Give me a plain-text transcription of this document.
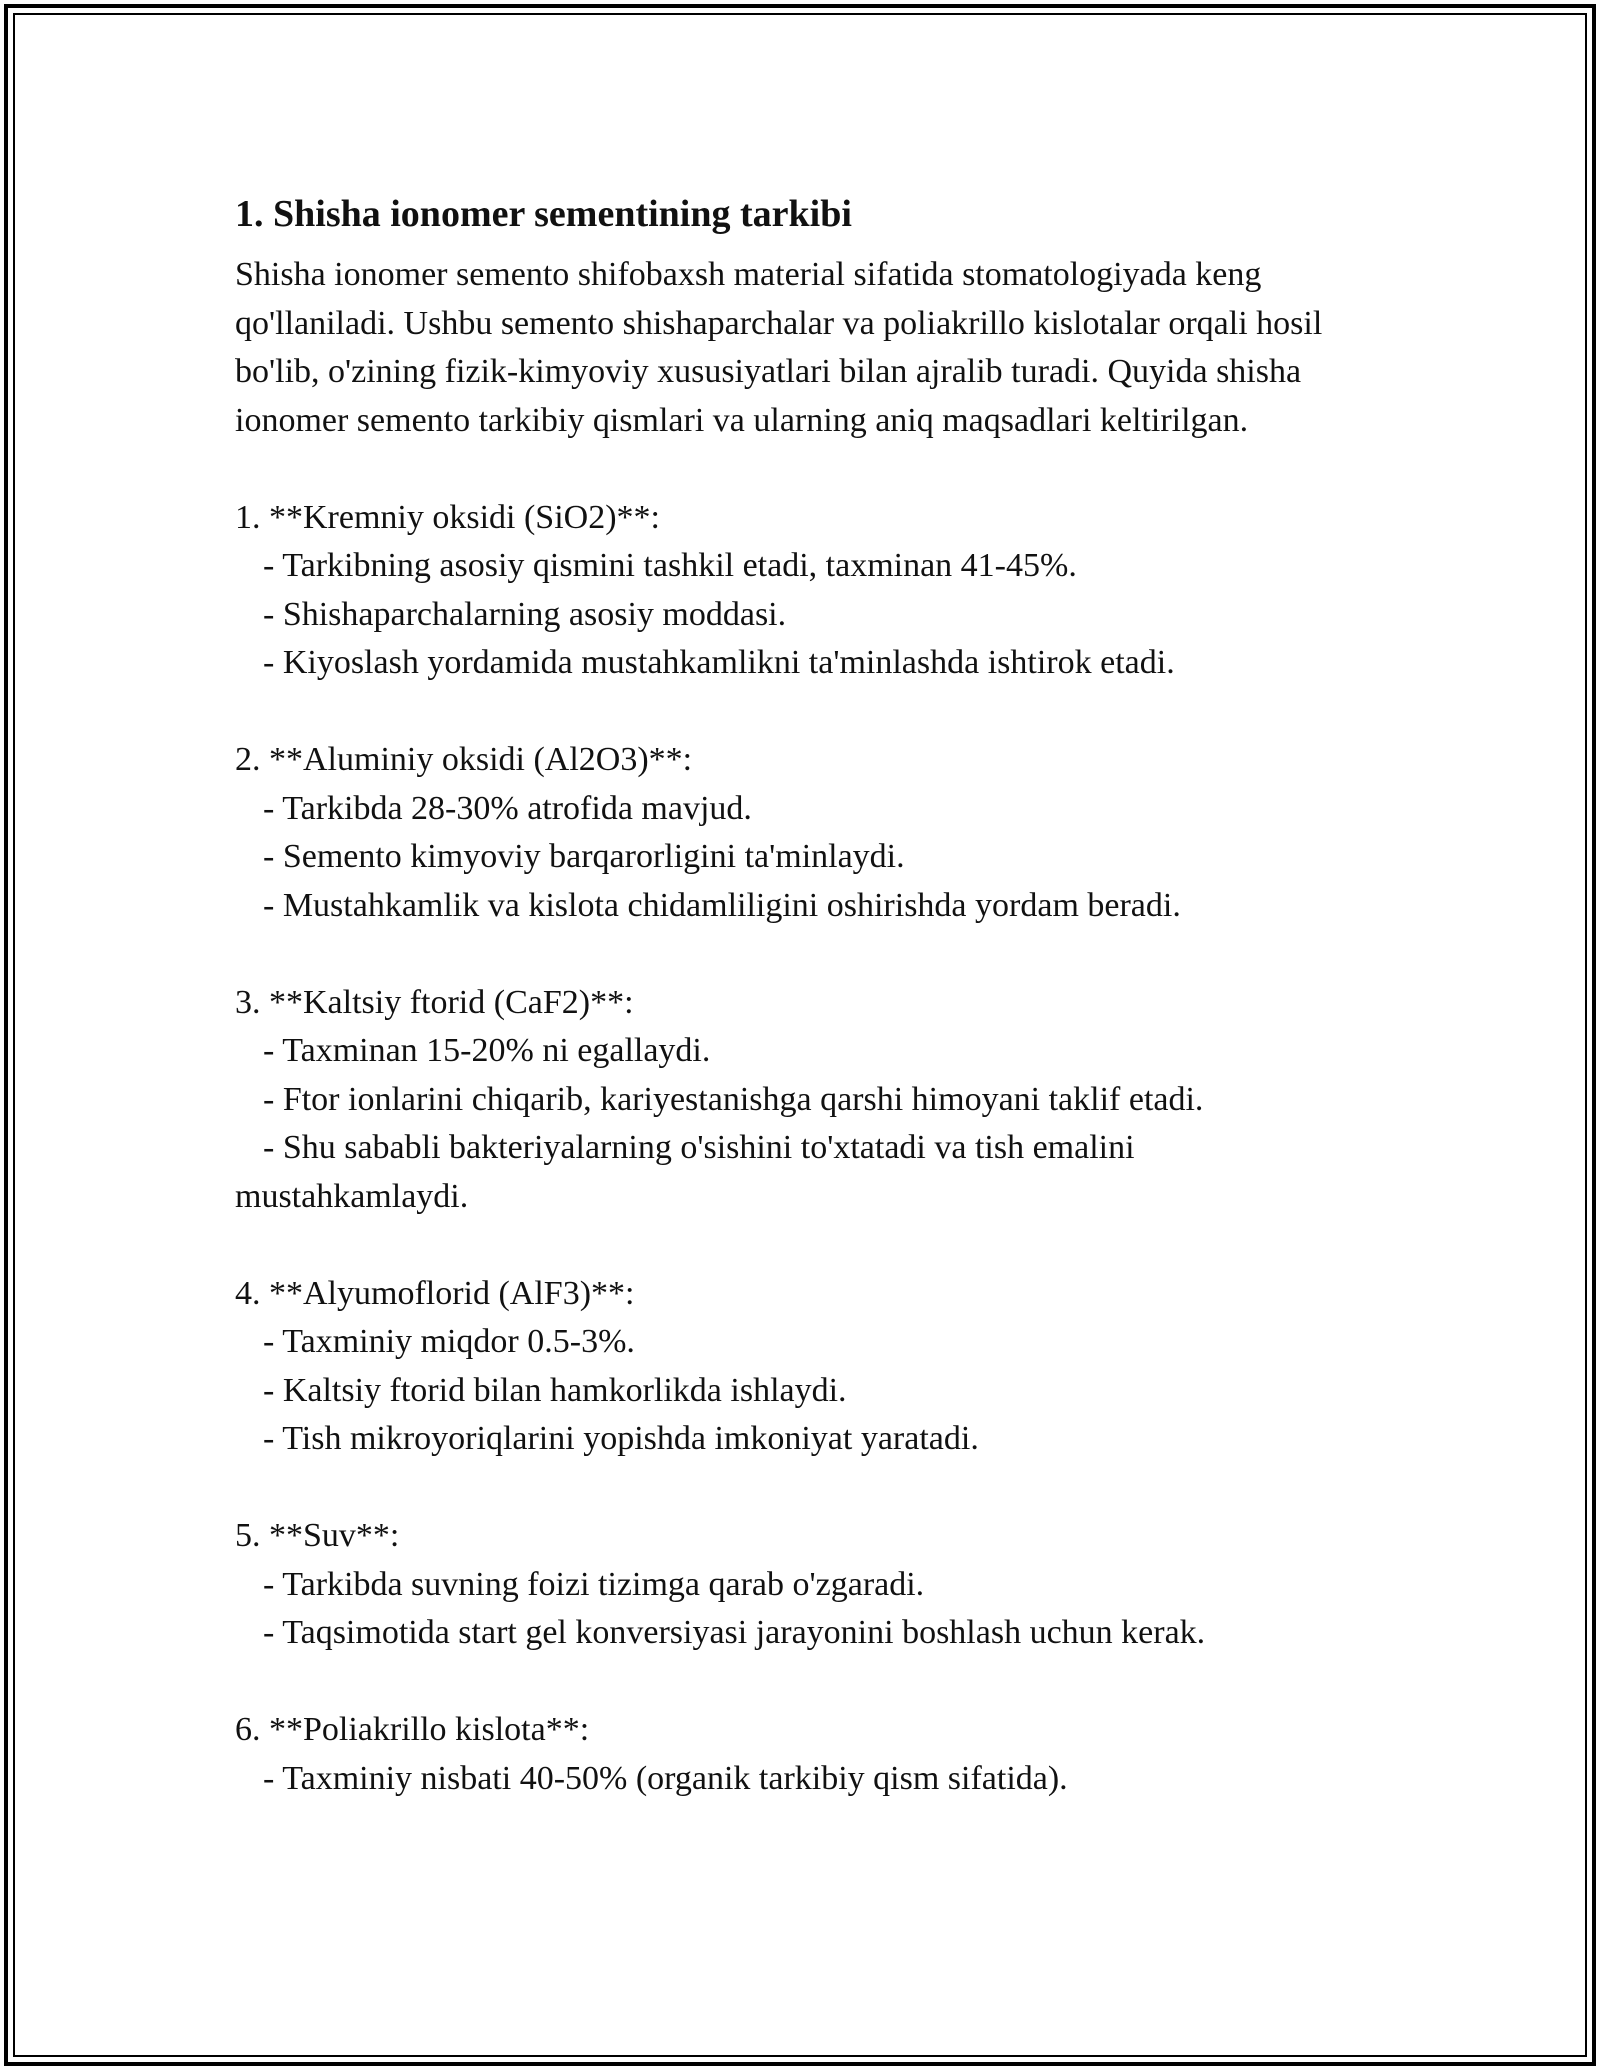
1. Shisha ionomer sementining tarkibi

Shisha ionomer semento shifobaxsh material sifatida stomatologiyada keng qo'llaniladi. Ushbu semento shishaparchalar va poliakrillo kislotalar orqali hosil bo'lib, o'zining fizik-kimyoviy xususiyatlari bilan ajralib turadi. Quyida shisha ionomer semento tarkibiy qismlari va ularning aniq maqsadlari keltirilgan.

1. **Kremniy oksidi (SiO2)**:
- Tarkibning asosiy qismini tashkil etadi, taxminan 41-45%.
- Shishaparchalarning asosiy moddasi.
- Kiyoslash yordamida mustahkamlikni ta'minlashda ishtirok etadi.
2. **Aluminiy oksidi (Al2O3)**:
- Tarkibda 28-30% atrofida mavjud.
- Semento kimyoviy barqarorligini ta'minlaydi.
- Mustahkamlik va kislota chidamliligini oshirishda yordam beradi.
3. **Kaltsiy ftorid (CaF2)**:
- Taxminan 15-20% ni egallaydi.
- Ftor ionlarini chiqarib, kariyestanishga qarshi himoyani taklif etadi.
- Shu sababli bakteriyalarning o'sishini to'xtatadi va tish emalini
mustahkamlaydi.
4. **Alyumoflorid (AlF3)**:
- Taxminiy miqdor 0.5-3%.
- Kaltsiy ftorid bilan hamkorlikda ishlaydi.
- Tish mikroyoriqlarini yopishda imkoniyat yaratadi.
5. **Suv**:
- Tarkibda suvning foizi tizimga qarab o'zgaradi.
- Taqsimotida start gel konversiyasi jarayonini boshlash uchun kerak.
6. **Poliakrillo kislota**:
- Taxminiy nisbati 40-50% (organik tarkibiy qism sifatida).
